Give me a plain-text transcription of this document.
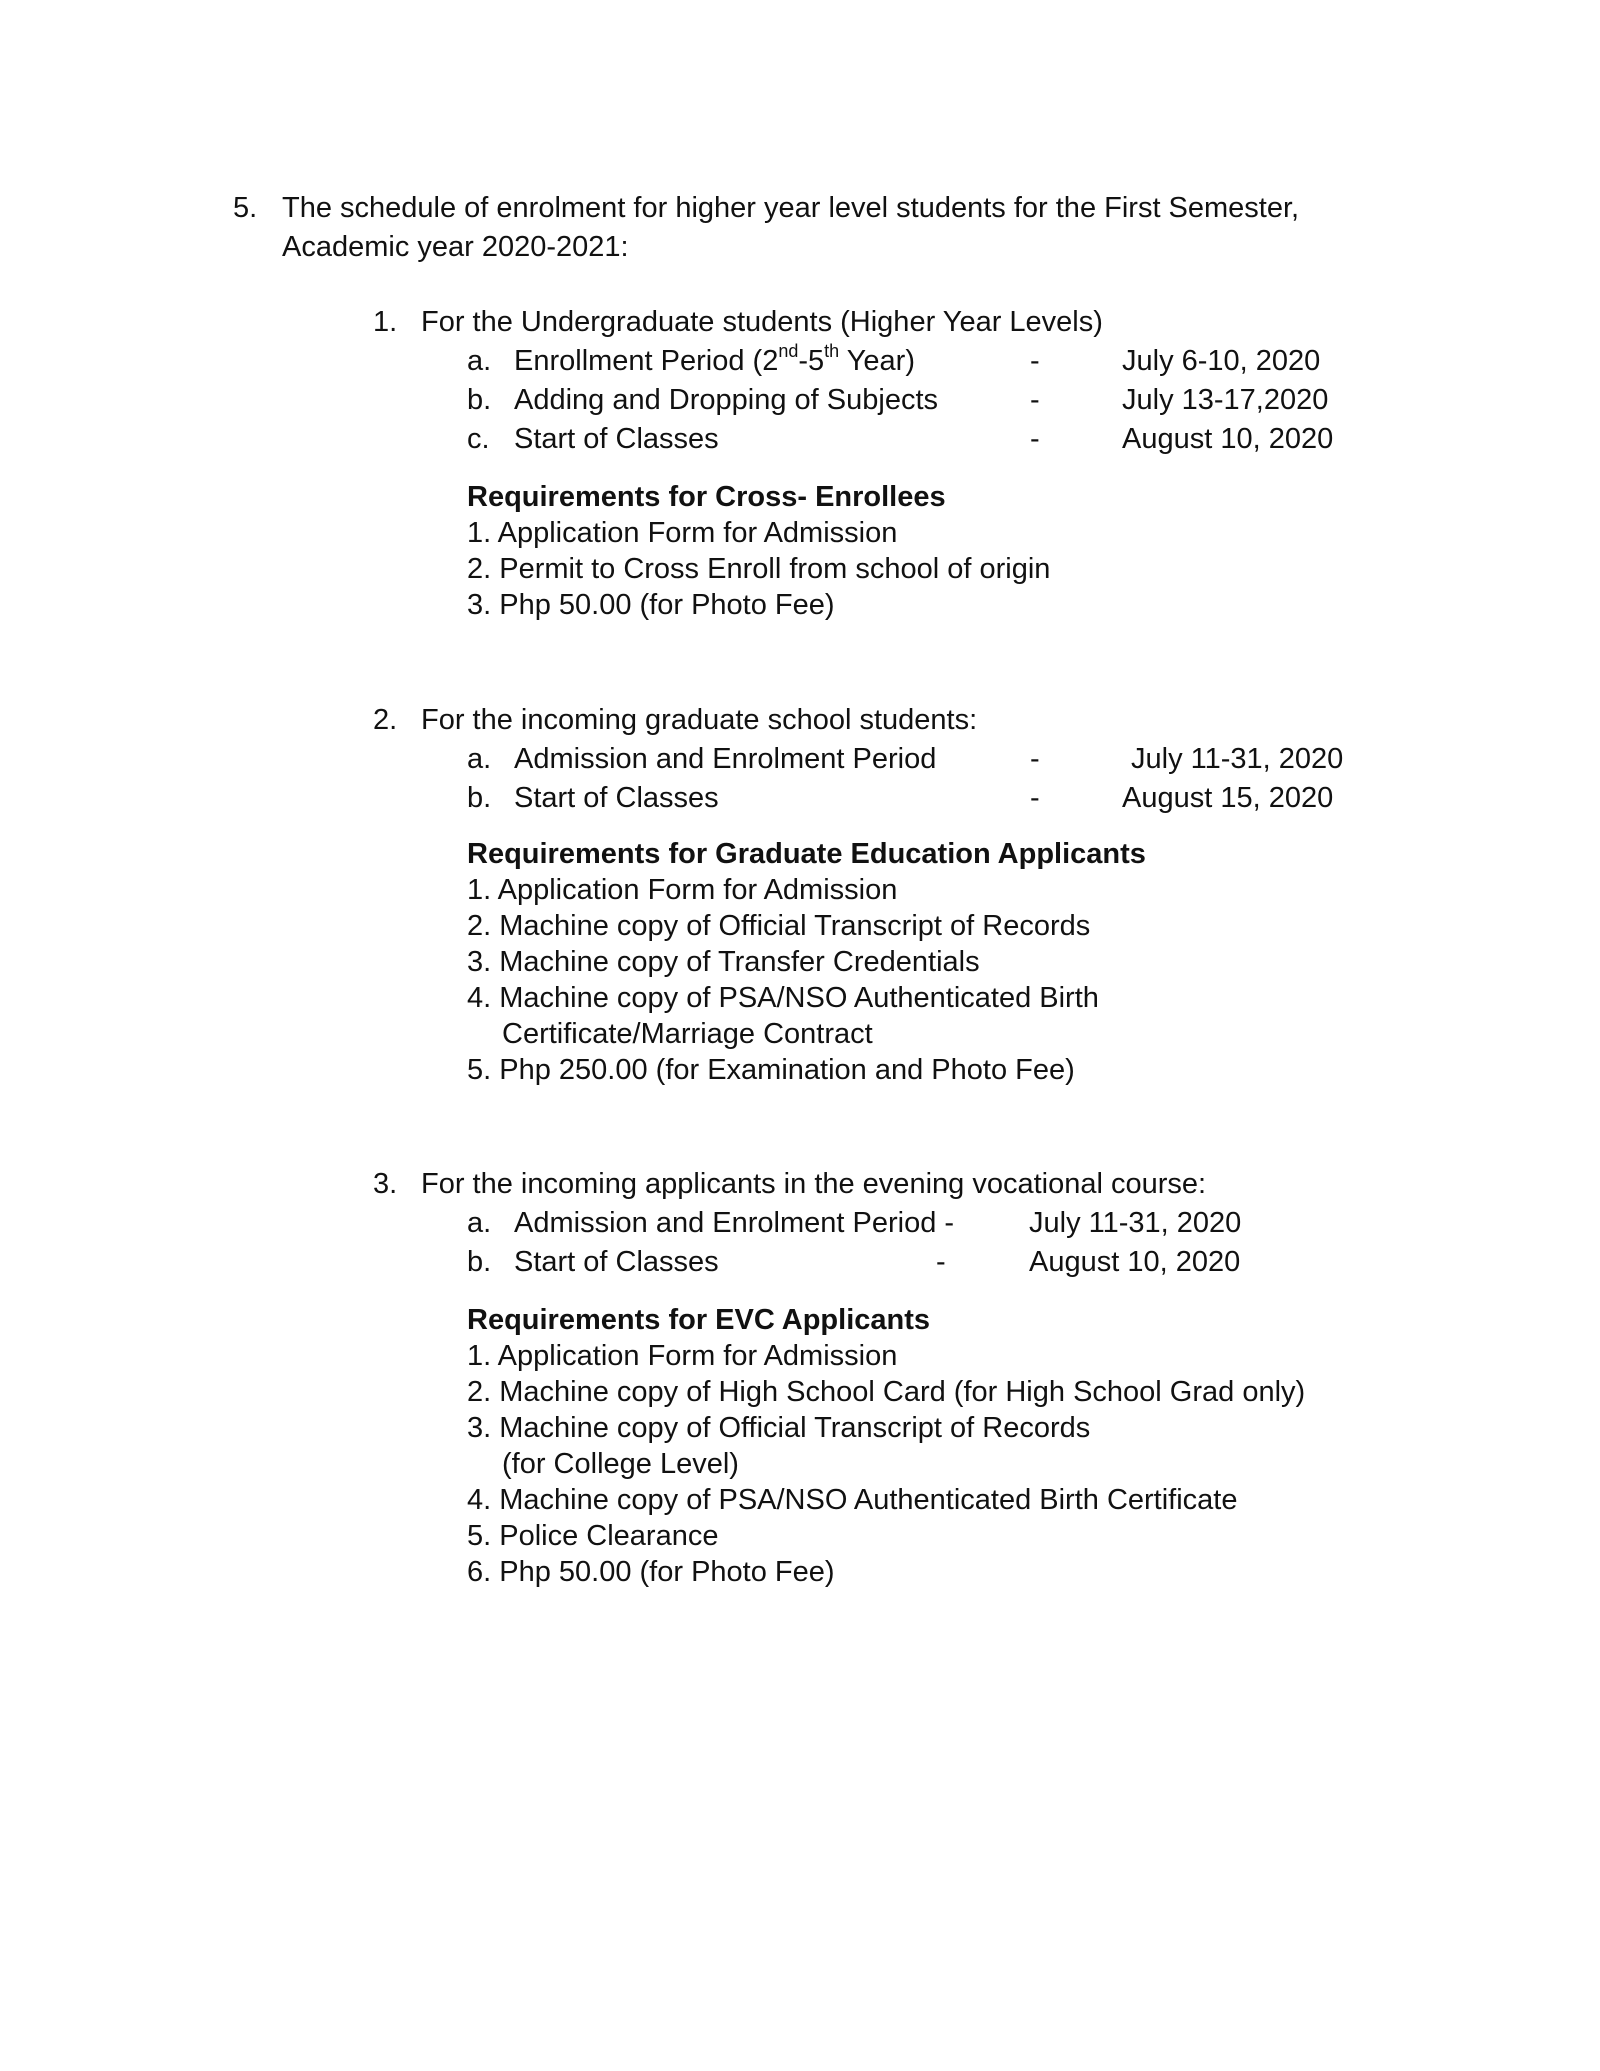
5. The schedule of enrolment for higher year level students for the First Semester,
Academic year 2020-2021:
1. For the Undergraduate students (Higher Year Levels)
a. Enrollment Period (2nd-5th Year)	-	July 6-10, 2020
b. Adding and Dropping of Subjects	-	July 13-17,2020
c. Start of Classes	-	August 10, 2020
Requirements for Cross- Enrollees
1. Application Form for Admission
2. Permit to Cross Enroll from school of origin
3. Php 50.00 (for Photo Fee)
2. For the incoming graduate school students:
a. Admission and Enrolment Period	-	July 11-31, 2020
b. Start of Classes	-	August 15, 2020
Requirements for Graduate Education Applicants
1. Application Form for Admission
2. Machine copy of Official Transcript of Records
3. Machine copy of Transfer Credentials
4. Machine copy of PSA/NSO Authenticated Birth
Certificate/Marriage Contract
5. Php 250.00 (for Examination and Photo Fee)
3. For the incoming applicants in the evening vocational course:
a. Admission and Enrolment Period -	July 11-31, 2020
b. Start of Classes	-	August 10, 2020
Requirements for EVC Applicants
1. Application Form for Admission
2. Machine copy of High School Card (for High School Grad only)
3. Machine copy of Official Transcript of Records
(for College Level)
4. Machine copy of PSA/NSO Authenticated Birth Certificate
5. Police Clearance
6. Php 50.00 (for Photo Fee)
